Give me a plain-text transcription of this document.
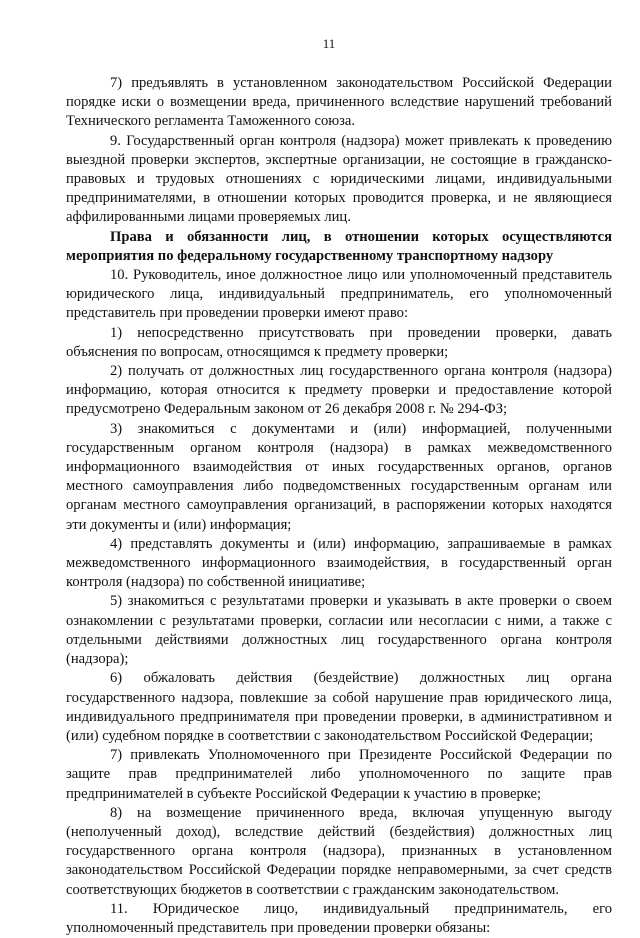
11

7) предъявлять в установленном законодательством Российской Федерации порядке иски о возмещении вреда, причиненного вследствие нарушений требований Технического регламента Таможенного союза.

9. Государственный орган контроля (надзора) может привлекать к проведению выездной проверки экспертов, экспертные организации, не состоящие в гражданско-правовых и трудовых отношениях с юридическими лицами, индивидуальными предпринимателями, в отношении которых проводится проверка, и не являющиеся аффилированными лицами проверяемых лиц.

Права и обязанности лиц, в отношении которых осуществляются мероприятия по федеральному государственному транспортному надзору

10. Руководитель, иное должностное лицо или уполномоченный представитель юридического лица, индивидуальный предприниматель, его уполномоченный представитель при проведении проверки имеют право:

1) непосредственно присутствовать при проведении проверки, давать объяснения по вопросам, относящимся к предмету проверки;

2) получать от должностных лиц государственного органа контроля (надзора) информацию, которая относится к предмету проверки и предоставление которой предусмотрено Федеральным законом от 26 декабря 2008 г. № 294-ФЗ;

3) знакомиться с документами и (или) информацией, полученными государственным органом контроля (надзора) в рамках межведомственного информационного взаимодействия от иных государственных органов, органов местного самоуправления либо подведомственных государственным органам или органам местного самоуправления организаций, в распоряжении которых находятся эти документы и (или) информация;

4) представлять документы и (или) информацию, запрашиваемые в рамках межведомственного информационного взаимодействия, в государственный орган контроля (надзора) по собственной инициативе;

5) знакомиться с результатами проверки и указывать в акте проверки о своем ознакомлении с результатами проверки, согласии или несогласии с ними, а также с отдельными действиями должностных лиц государственного органа контроля (надзора);

6) обжаловать действия (бездействие) должностных лиц органа государственного надзора, повлекшие за собой нарушение прав юридического лица, индивидуального предпринимателя при проведении проверки, в административном и (или) судебном порядке в соответствии с законодательством Российской Федерации;

7) привлекать Уполномоченного при Президенте Российской Федерации по защите прав предпринимателей либо уполномоченного по защите прав предпринимателей в субъекте Российской Федерации к участию в проверке;

8) на возмещение причиненного вреда, включая упущенную выгоду (неполученный доход), вследствие действий (бездействия) должностных лиц государственного органа контроля (надзора), признанных в установленном законодательством Российской Федерации порядке неправомерными, за счет средств соответствующих бюджетов в соответствии с гражданским законодательством.

11. Юридическое лицо, индивидуальный предприниматель, его уполномоченный представитель при проведении проверки обязаны:
